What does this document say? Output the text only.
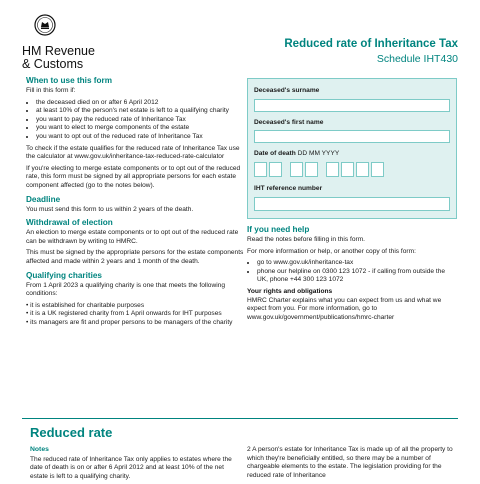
HM Revenue
& Customs
Reduced rate of Inheritance Tax
Schedule IHT430
When to use this form

Fill in this form if:

• the deceased died on or after 6 April 2012
• at least 10% of the person's net estate is left to a qualifying charity
• you want to pay the reduced rate of Inheritance Tax
• you want to elect to merge components of the estate
• you want to opt out of the reduced rate of Inheritance Tax

To check if the estate qualifies for the reduced rate of Inheritance Tax use the calculator at www.gov.uk/inheritance-tax-reduced-rate-calculator

If you're electing to merge estate components or to opt out of the reduced rate, this form must be signed by all appropriate persons for each estate component affected (go to the notes below).

Deadline

You must send this form to us within 2 years of the death.

Withdrawal of election

An election to merge estate components or to opt out of the reduced rate can be withdrawn by writing to HMRC.

This must be signed by the appropriate persons for the estate components affected and made within 2 years and 1 month of the death.

Qualifying charities

From 1 April 2023 a qualifying charity is one that meets the following conditions:

• it is established for charitable purposes
• it is a UK registered charity from 1 April onwards for IHT purposes
• its managers are fit and proper persons to be managers of the charity
Deceased's surname
Deceased's first name
Date of death DD MM YYYY
IHT reference number
If you need help

Read the notes before filling in this form.

For more information or help, or another copy of this form:

• go to www.gov.uk/inheritance-tax
• phone our helpline on 0300 123 1072 - if calling from outside the UK, phone +44 300 123 1072
Your rights and obligations

HMRC Charter explains what you can expect from us and what we expect from you. For more information, go to www.gov.uk/government/publications/hmrc-charter

Reduced rate
Notes

The reduced rate of Inheritance Tax only applies to estates where the date of death is on or after 6 April 2012 and at least 10% of the net estate is left to a qualifying charity.

2 A person's estate for Inheritance Tax is made up of all the property to which they're beneficially entitled, so there may be a number of chargeable elements to the estate. The legislation providing for the reduced rate of Inheritance
